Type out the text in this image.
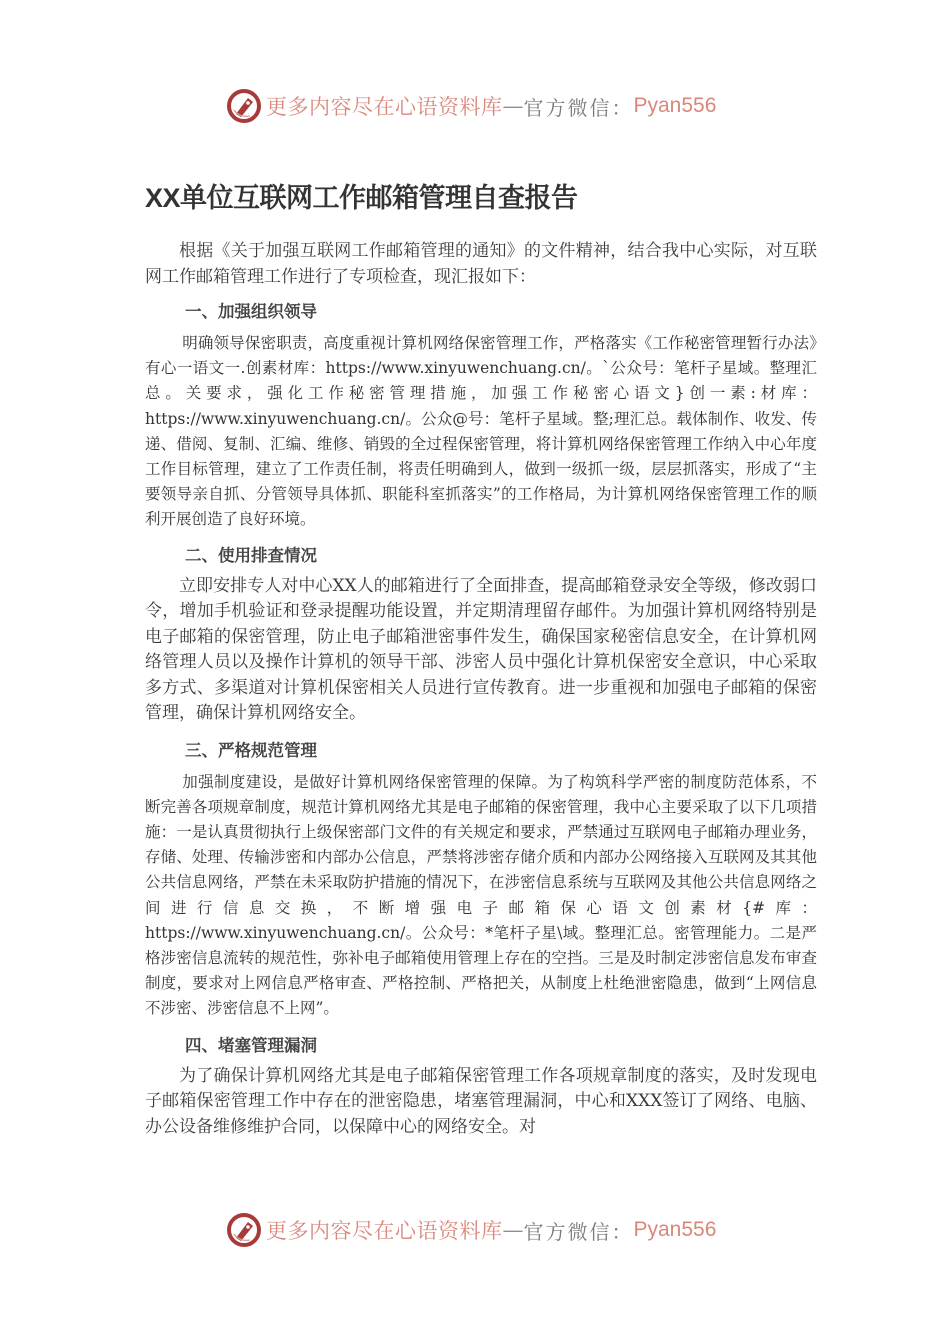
更多内容尽在心语资料库 — 官方微信： Pyan556
XX单位互联网工作邮箱管理自查报告

根据《关于加强互联网工作邮箱管理的通知》的文件精神，结合我中心实际，对互联网工作邮箱管理工作进行了专项检查，现汇报如下：

一、加强组织领导

明确领导保密职责，高度重视计算机网络保密管理工作，严格落实《工作秘密管理暂行办法》有心一语文一.创素材库：https://www.xinyuwenchuang.cn/。`公众号：笔杆子星域。整理汇总。关要求，强化工作秘密管理措施，加强工作秘密心语文}创一素:材库：https://www.xinyuwenchuang.cn/。公众@号：笔杆子星域。整;理汇总。载体制作、收发、传递、借阅、复制、汇编、维修、销毁的全过程保密管理，将计算机网络保密管理工作纳入中心年度工作目标管理，建立了工作责任制，将责任明确到人，做到一级抓一级，层层抓落实，形成了“主要领导亲自抓、分管领导具体抓、职能科室抓落实”的工作格局，为计算机网络保密管理工作的顺利开展创造了良好环境。

二、使用排查情况

立即安排专人对中心XX人的邮箱进行了全面排查，提高邮箱登录安全等级，修改弱口令，增加手机验证和登录提醒功能设置，并定期清理留存邮件。为加强计算机网络特别是电子邮箱的保密管理，防止电子邮箱泄密事件发生，确保国家秘密信息安全，在计算机网络管理人员以及操作计算机的领导干部、涉密人员中强化计算机保密安全意识，中心采取多方式、多渠道对计算机保密相关人员进行宣传教育。进一步重视和加强电子邮箱的保密管理，确保计算机网络安全。

三、严格规范管理

加强制度建设，是做好计算机网络保密管理的保障。为了构筑科学严密的制度防范体系，不断完善各项规章制度，规范计算机网络尤其是电子邮箱的保密管理，我中心主要采取了以下几项措施：一是认真贯彻执行上级保密部门文件的有关规定和要求，严禁通过互联网电子邮箱办理业务，存储、处理、传输涉密和内部办公信息，严禁将涉密存储介质和内部办公网络接入互联网及其其他公共信息网络，严禁在未采取防护措施的情况下，在涉密信息系统与互联网及其他公共信息网络之间进行信息交换，不断增强电子邮箱保心语文创素材{#库：https://www.xinyuwenchuang.cn/。公众号：*笔杆子星\域。整理汇总。密管理能力。二是严格涉密信息流转的规范性，弥补电子邮箱使用管理上存在的空挡。三是及时制定涉密信息发布审查制度，要求对上网信息严格审查、严格控制、严格把关，从制度上杜绝泄密隐患，做到“上网信息不涉密、涉密信息不上网”。

四、堵塞管理漏洞

为了确保计算机网络尤其是电子邮箱保密管理工作各项规章制度的落实，及时发现电子邮箱保密管理工作中存在的泄密隐患，堵塞管理漏洞，中心和XXX签订了网络、电脑、办公设备维修维护合同，以保障中心的网络安全。对

更多内容尽在心语资料库 — 官方微信： Pyan556
